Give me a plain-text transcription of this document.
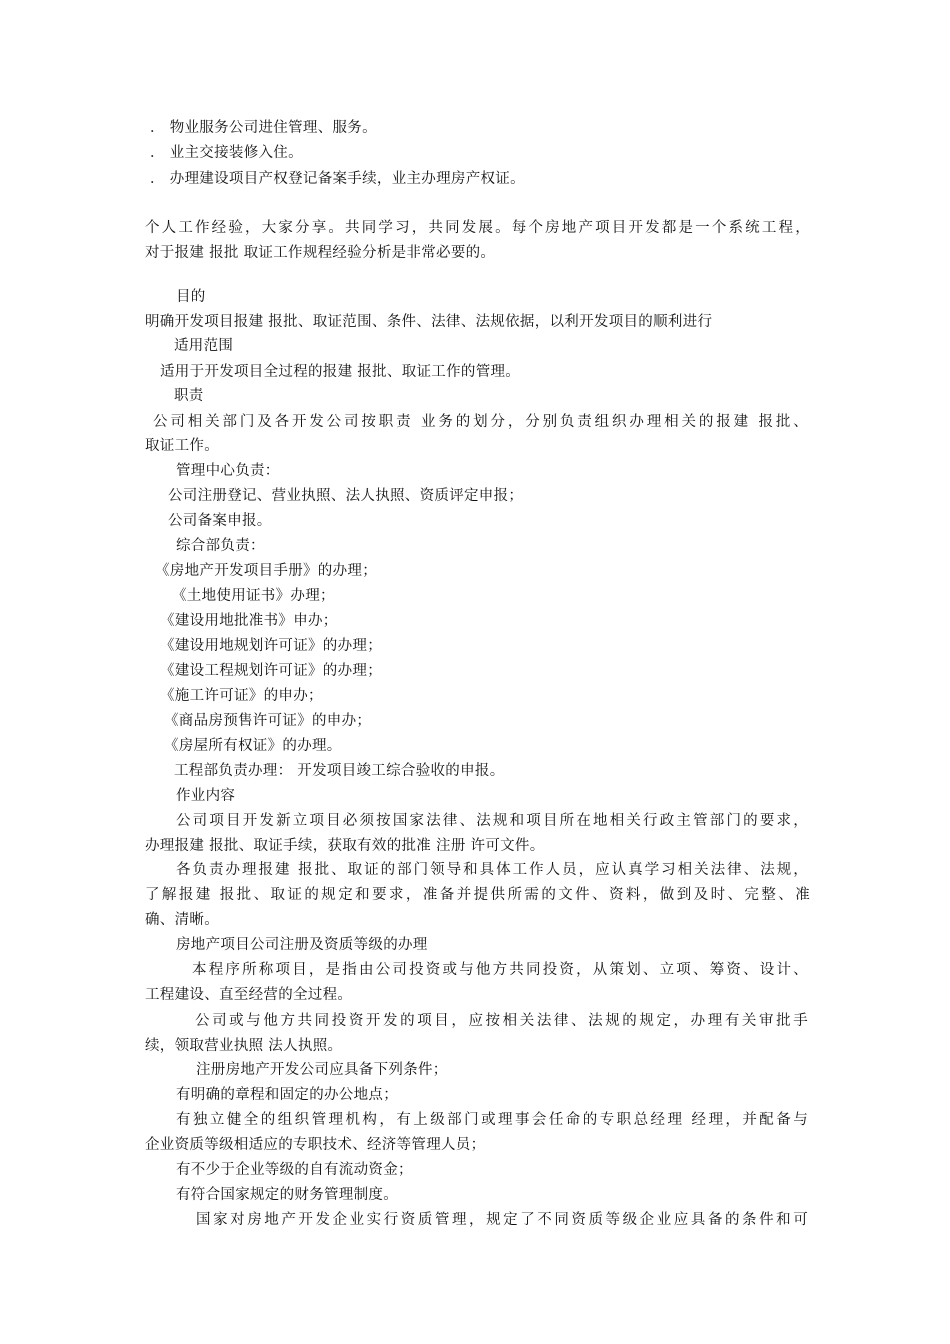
． 物业服务公司进住管理、服务。
． 业主交接装修入住。
． 办理建设项目产权登记备案手续，业主办理房产权证。
个人工作经验，大家分享。共同学习，共同发展。每个房地产项目开发都是一个系统工程，
对于报建 报批 取证工作规程经验分析是非常必要的。
目的
明确开发项目报建 报批、取证范围、条件、法律、法规依据，以利开发项目的顺利进行
适用范围
适用于开发项目全过程的报建 报批、取证工作的管理。
职责
公司相关部门及各开发公司按职责 业务的划分，分别负责组织办理相关的报建 报批、
取证工作。
管理中心负责：
公司注册登记、营业执照、法人执照、资质评定申报；
公司备案申报。
综合部负责：
《房地产开发项目手册》的办理；
《土地使用证书》办理；
《建设用地批准书》申办；
《建设用地规划许可证》的办理；
《建设工程规划许可证》的办理；
《施工许可证》的申办；
《商品房预售许可证》的申办；
《房屋所有权证》的办理。
工程部负责办理： 开发项目竣工综合验收的申报。
作业内容
公司项目开发新立项目必须按国家法律、法规和项目所在地相关行政主管部门的要求，
办理报建 报批、取证手续，获取有效的批准 注册 许可文件。
各负责办理报建 报批、取证的部门领导和具体工作人员，应认真学习相关法律、法规，
了解报建 报批、取证的规定和要求，准备并提供所需的文件、资料，做到及时、完整、准
确、清晰。
房地产项目公司注册及资质等级的办理
本程序所称项目，是指由公司投资或与他方共同投资，从策划、立项、筹资、设计、
工程建设、直至经营的全过程。
公司或与他方共同投资开发的项目，应按相关法律、法规的规定，办理有关审批手
续，领取营业执照 法人执照。
注册房地产开发公司应具备下列条件；
有明确的章程和固定的办公地点；
有独立健全的组织管理机构，有上级部门或理事会任命的专职总经理 经理，并配备与
企业资质等级相适应的专职技术、经济等管理人员；
有不少于企业等级的自有流动资金；
有符合国家规定的财务管理制度。
国家对房地产开发企业实行资质管理，规定了不同资质等级企业应具备的条件和可
